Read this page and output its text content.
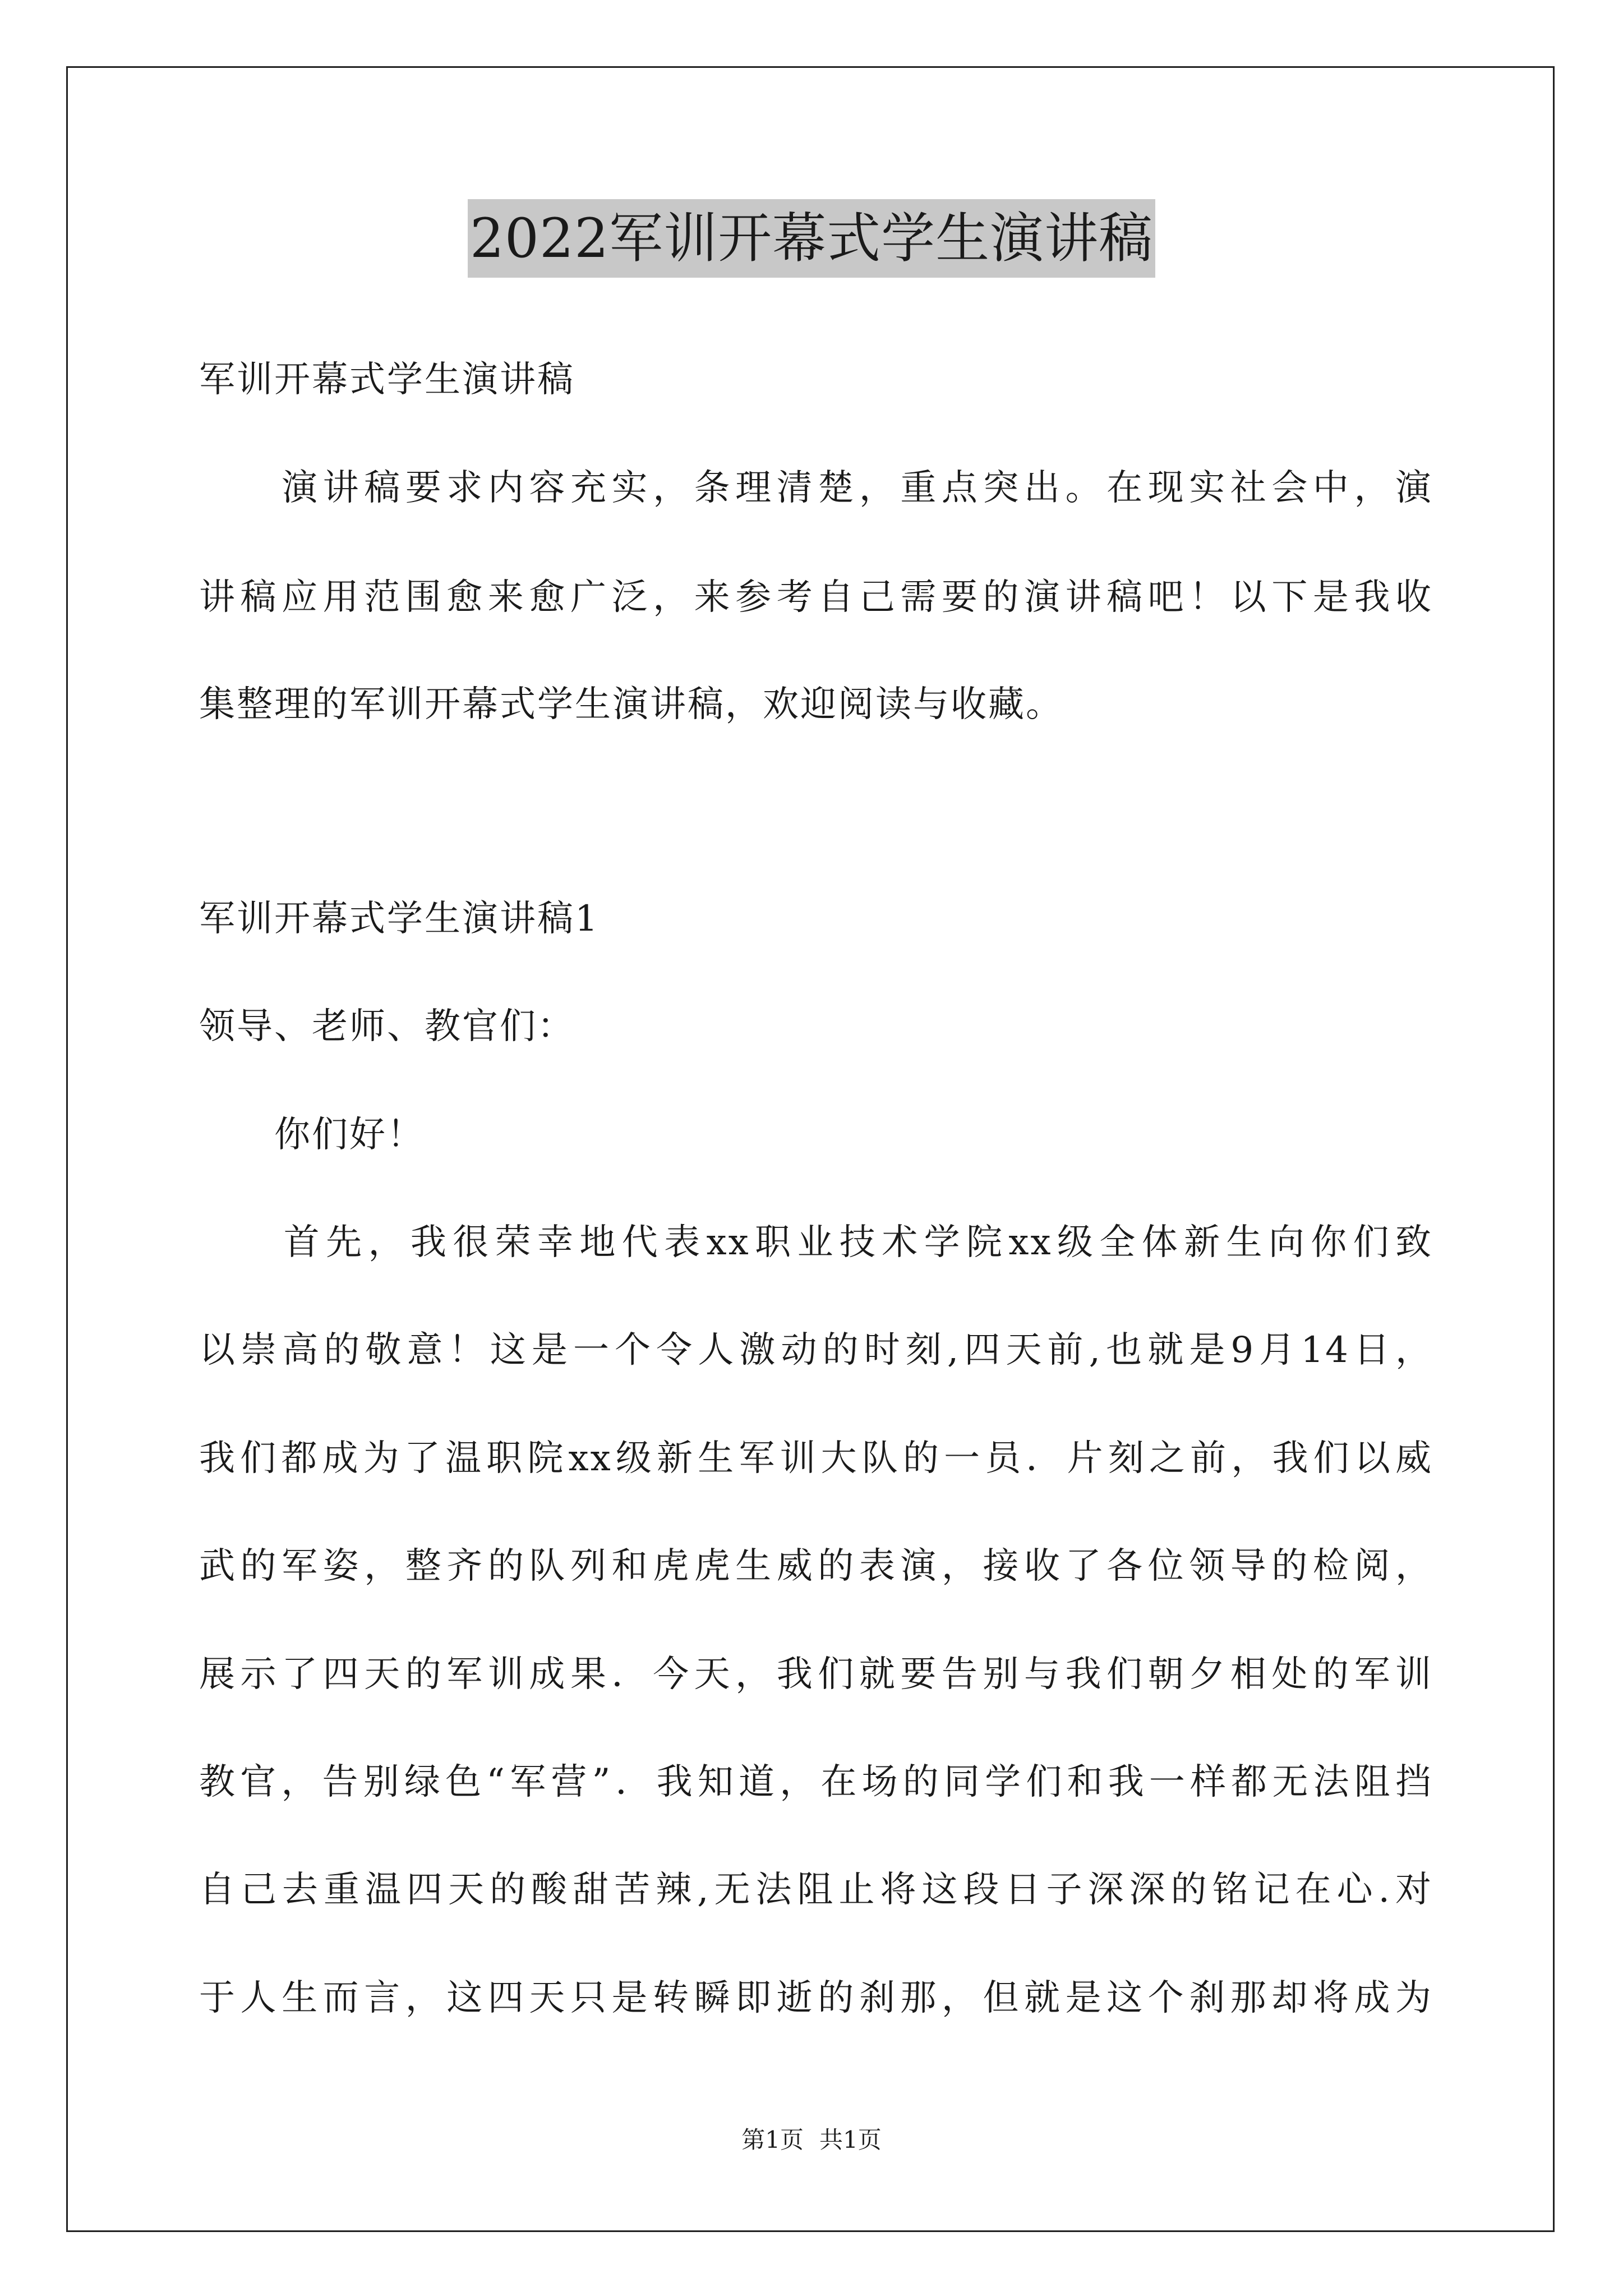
2022军训开幕式学生演讲稿
军训开幕式学生演讲稿
　　演讲稿要求内容充实，条理清楚，重点突出。在现实社会中，演
讲稿应用范围愈来愈广泛，来参考自己需要的演讲稿吧！以下是我收
集整理的军训开幕式学生演讲稿，欢迎阅读与收藏。
军训开幕式学生演讲稿1
领导、老师、教官们：
　　你们好！
　　首先，我很荣幸地代表xx职业技术学院xx级全体新生向你们致
以崇高的敬意！这是一个令人激动的时刻,四天前,也就是9月14日，
我们都成为了温职院xx级新生军训大队的一员．片刻之前，我们以威
武的军姿，整齐的队列和虎虎生威的表演，接收了各位领导的检阅，
展示了四天的军训成果．今天，我们就要告别与我们朝夕相处的军训
教官，告别绿色“军营”．我知道，在场的同学们和我一样都无法阻挡
自己去重温四天的酸甜苦辣,无法阻止将这段日子深深的铭记在心.对
于人生而言，这四天只是转瞬即逝的刹那，但就是这个刹那却将成为
第1页 共1页
